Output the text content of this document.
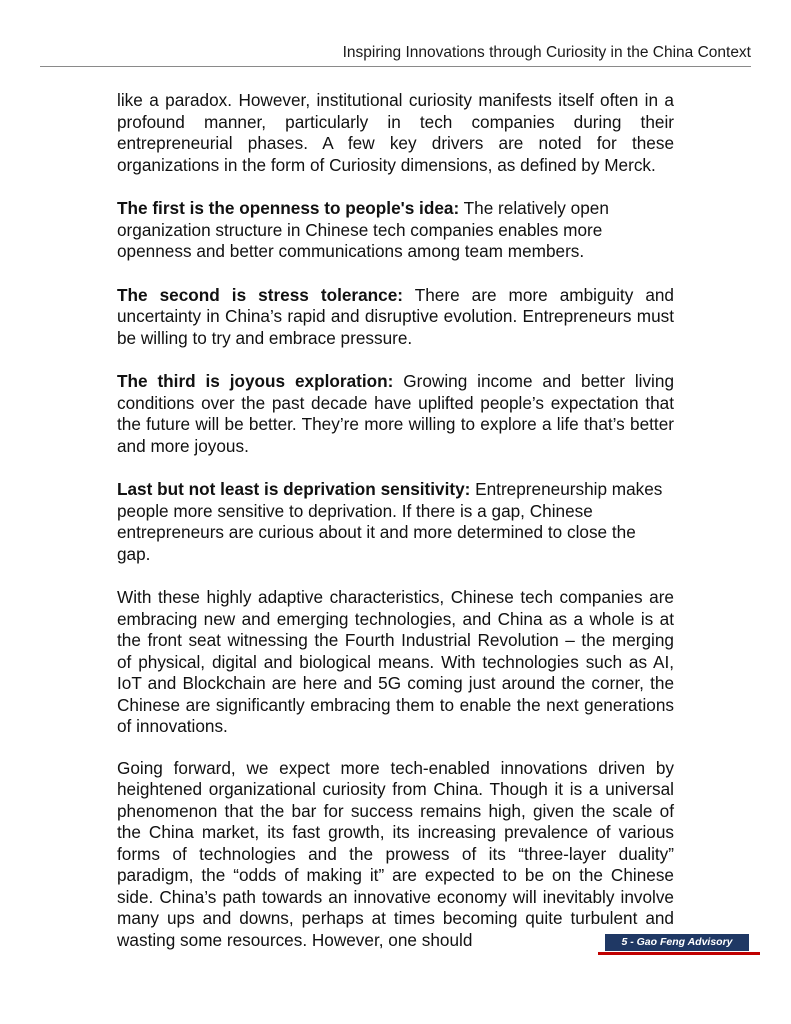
Inspiring Innovations through Curiosity in the China Context

like a paradox. However, institutional curiosity manifests itself often in a profound manner, particularly in tech companies during their entrepreneurial phases. A few key drivers are noted for these organizations in the form of Curiosity dimensions, as defined by Merck.

The first is the openness to people's idea: The relatively open organization structure in Chinese tech companies enables more openness and better communications among team members.

The second is stress tolerance: There are more ambiguity and uncertainty in China’s rapid and disruptive evolution. Entrepreneurs must be willing to try and embrace pressure.

The third is joyous exploration: Growing income and better living conditions over the past decade have uplifted people’s expectation that the future will be better. They’re more willing to explore a life that’s better and more joyous.

Last but not least is deprivation sensitivity: Entrepreneurship makes people more sensitive to deprivation. If there is a gap, Chinese entrepreneurs are curious about it and more determined to close the gap.

With these highly adaptive characteristics, Chinese tech companies are embracing new and emerging technologies, and China as a whole is at the front seat witnessing the Fourth Industrial Revolution – the merging of physical, digital and biological means. With technologies such as AI, IoT and Blockchain are here and 5G coming just around the corner, the Chinese are significantly embracing them to enable the next generations of innovations.

Going forward, we expect more tech-enabled innovations driven by heightened organizational curiosity from China. Though it is a universal phenomenon that the bar for success remains high, given the scale of the China market, its fast growth, its increasing prevalence of various forms of technologies and the prowess of its “three-layer duality” paradigm, the “odds of making it” are expected to be on the Chinese side. China’s path towards an innovative economy will inevitably involve many ups and downs, perhaps at times becoming quite turbulent and wasting some resources. However, one should	5 - Gao Feng Advisory
